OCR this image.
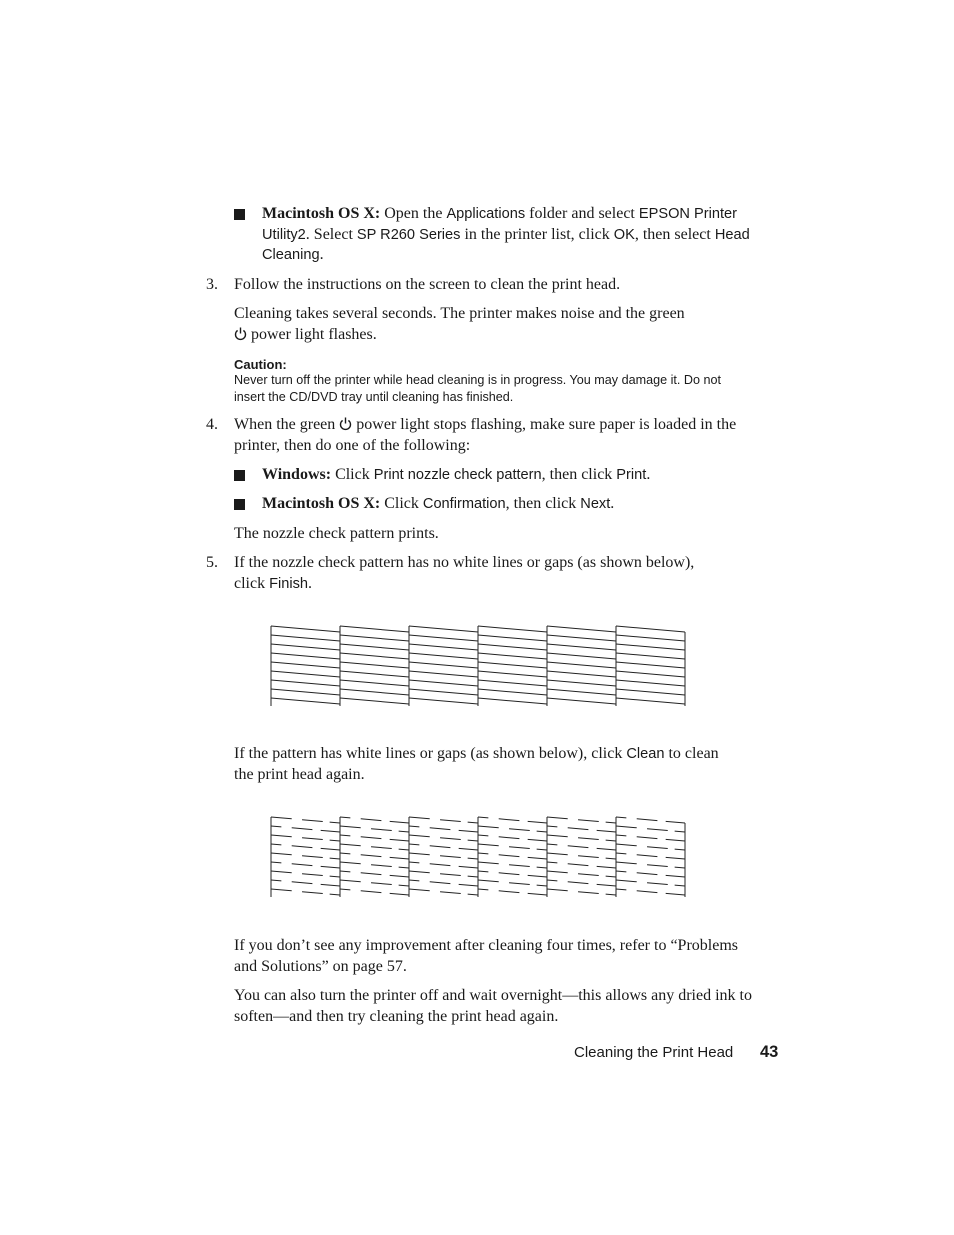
Macintosh OS X: Open the Applications folder and select EPSON Printer Utility2. Select SP R260 Series in the printer list, click OK, then select Head Cleaning.
3. Follow the instructions on the screen to clean the print head.
Cleaning takes several seconds. The printer makes noise and the green
power light flashes.
Caution:
Never turn off the printer while head cleaning is in progress. You may damage it. Do not insert the CD/DVD tray until cleaning has finished.
4. When the green power light stops flashing, make sure paper is loaded in the printer, then do one of the following:
Windows: Click Print nozzle check pattern, then click Print.
Macintosh OS X: Click Confirmation, then click Next.
The nozzle check pattern prints.
5. If the nozzle check pattern has no white lines or gaps (as shown below), click Finish.
If the pattern has white lines or gaps (as shown below), click Clean to clean the print head again.
If you don’t see any improvement after cleaning four times, refer to “Problems and Solutions” on page 57.
You can also turn the printer off and wait overnight—this allows any dried ink to soften—and then try cleaning the print head again.
Cleaning the Print Head 43
